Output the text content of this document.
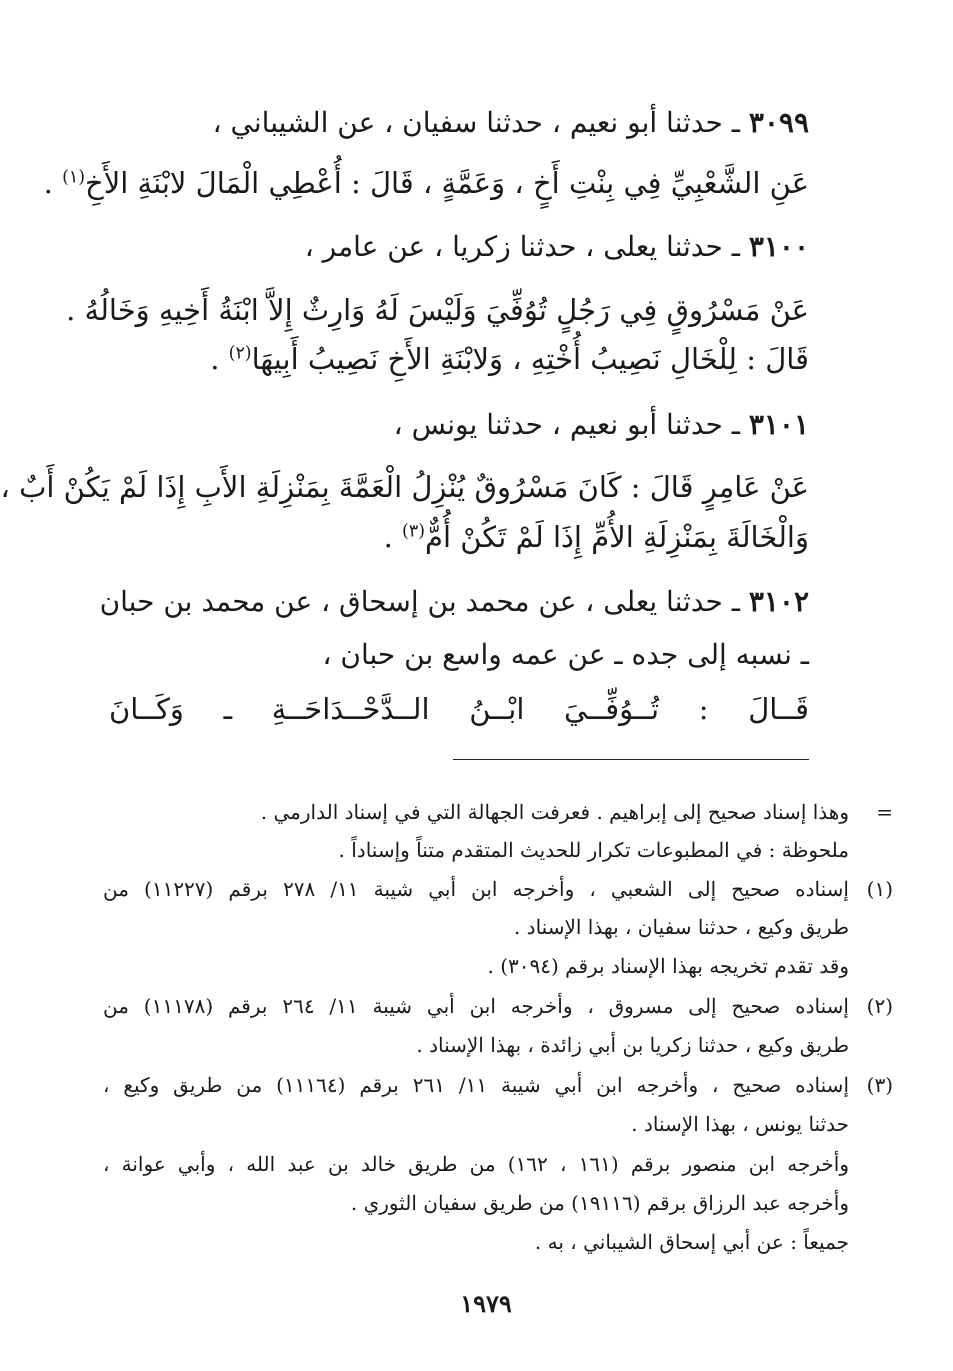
٣٠٩٩ ـ حدثنا أبو نعيم ، حدثنا سفيان ، عن الشيباني ،
عَنِ الشَّعْبِيِّ فِي بِنْتِ أَخٍ ، وَعَمَّةٍ ، قَالَ : أُعْطِي الْمَالَ لابْنَةِ الأَخِ$^{(١)}$ .
٣١٠٠ ـ حدثنا يعلى ، حدثنا زكريا ، عن عامر ،
عَنْ مَسْرُوقٍ فِي رَجُلٍ تُوُفِّيَ وَلَيْسَ لَهُ وَارِثٌ إِلاَّ ابْنَةُ أَخِيهِ وَخَالُهُ .
قَالَ : لِلْخَالِ نَصِيبُ أُخْتِهِ ، وَلابْنَةِ الأَخِ نَصِيبُ أَبِيهَا$^{(٢)}$ .
٣١٠١ ـ حدثنا أبو نعيم ، حدثنا يونس ،
عَنْ عَامِرٍ قَالَ : كَانَ مَسْرُوقٌ يُنْزِلُ الْعَمَّةَ بِمَنْزِلَةِ الأَبِ إِذَا لَمْ يَكُنْ أَبٌ ،
وَالْخَالَةَ بِمَنْزِلَةِ الأُمِّ إِذَا لَمْ تَكُنْ أُمٌّ$^{(٣)}$ .
٣١٠٢ ـ حدثنا يعلى ، عن محمد بن إسحاق ، عن محمد بن حبان
ـ نسبه إلى جده ـ عن عمه واسع بن حبان ،
قَــالَ : تُــوُفِّــيَ ابْــنُ الــدَّحْــدَاحَــةِ ـ وَكَــانَ
=
وهذا إسناد صحيح إلى إبراهيم . فعرفت الجهالة التي في إسناد الدارمي .
ملحوظة : في المطبوعات تكرار للحديث المتقدم متناً وإسناداً .
(١)
إسناده صحيح إلى الشعبي ، وأخرجه ابن أبي شيبة ١١/ ٢٧٨ برقم (١١٢٢٧) من
طريق وكيع ، حدثنا سفيان ، بهذا الإسناد .
وقد تقدم تخريجه بهذا الإسناد برقم (٣٠٩٤) .
(٢)
إسناده صحيح إلى مسروق ، وأخرجه ابن أبي شيبة ١١/ ٢٦٤ برقم (١١١٧٨) من
طريق وكيع ، حدثنا زكريا بن أبي زائدة ، بهذا الإسناد .
(٣)
إسناده صحيح ، وأخرجه ابن أبي شيبة ١١/ ٢٦١ برقم (١١١٦٤) من طريق وكيع ،
حدثنا يونس ، بهذا الإسناد .
وأخرجه ابن منصور برقم (١٦١ ، ١٦٢) من طريق خالد بن عبد الله ، وأبي عوانة ،
وأخرجه عبد الرزاق برقم (١٩١١٦) من طريق سفيان الثوري .
جميعاً : عن أبي إسحاق الشيباني ، به .
١٩٧٩
